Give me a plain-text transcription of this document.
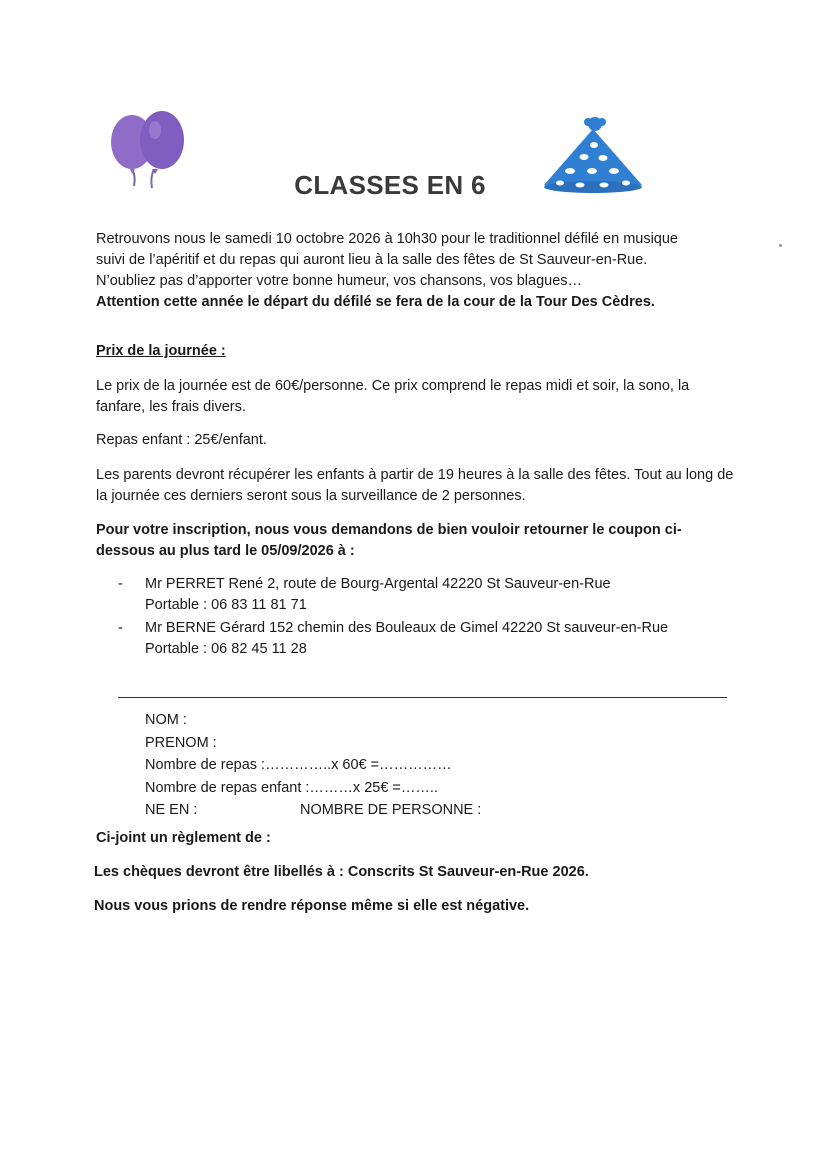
CLASSES EN 6
Retrouvons nous le samedi 10 octobre 2026 à 10h30 pour le traditionnel défilé en musique
suivi de l’apéritif et du repas qui auront lieu à la salle des fêtes de St Sauveur-en-Rue.
N’oubliez pas d’apporter votre bonne humeur, vos chansons, vos blagues…
Attention cette année le départ du défilé se fera de la cour de la Tour Des Cèdres.
Prix de la journée :
Le prix de la journée est de 60€/personne. Ce prix comprend le repas midi et soir, la sono, la fanfare, les frais divers.
Repas enfant : 25€/enfant.
Les parents devront récupérer les enfants à partir de 19 heures à la salle des fêtes. Tout au long de la journée ces derniers seront sous la surveillance de 2 personnes.
Pour votre inscription, nous vous demandons de bien vouloir retourner le coupon ci-dessous au plus tard le 05/09/2026 à :
- Mr PERRET René 2, route de Bourg-Argental 42220 St Sauveur-en-Rue
Portable : 06 83 11 81 71
- Mr BERNE Gérard 152 chemin des Bouleaux de Gimel 42220 St sauveur-en-Rue
Portable : 06 82 45 11 28
NOM :
PRENOM :
Nombre de repas :…………..x 60€ =……………
Nombre de repas enfant :………x 25€ =……..
NE EN :	NOMBRE DE PERSONNE :
Ci-joint un règlement de :
Les chèques devront être libellés à : Conscrits St Sauveur-en-Rue 2026.
Nous vous prions de rendre réponse même si elle est négative.
